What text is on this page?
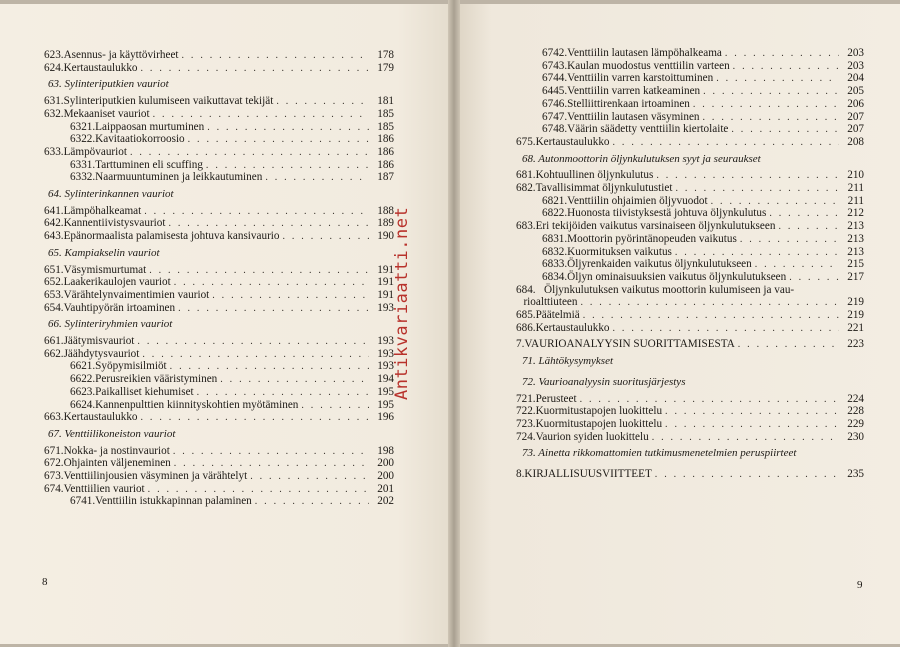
623. Asennus- ja käyttövirheet . . .	178
624. Kertaustaulukko . . .	179
63. Sylinteriputkien vauriot
631. Sylinteriputkien kulumiseen vaikuttavat tekijät . . .	181
632. Mekaaniset vauriot . . .	185
6321. Laippaosan murtuminen . . .	185
6322. Kavitaatiokorroosio . . .	186
633. Lämpövauriot . . .	186
6331. Tarttuminen eli scuffing . . .	186
6332. Naarmuuntuminen ja leikkautuminen . . .	187
64. Sylinterinkannen vauriot
641. Lämpöhalkeamat . . .	188
642. Kannentiivistysvauriot . . .	189
643. Epänormaalista palamisesta johtuva kansivaurio . . .	190
65. Kampiakselin vauriot
651. Väsymismurtumat . . .	191
652. Laakerikaulojen vauriot . . .	191
653. Värähtelynvaimentimien vauriot . . .	191
654. Vauhtipyörän irtoaminen . . .	193
66. Sylinteriryhmien vauriot
661. Jäätymisvauriot . . .	193
662. Jäähdytysvauriot . . .	193
6621. Syöpymisilmiöt . . .	193
6622. Perusreikien vääristyminen . . .	194
6623. Paikalliset kiehumiset . . .	195
6624. Kannenpulttien kiinnityskohtien myötäminen . . .	195
663. Kertaustaulukko . . .	196
67. Venttiilikoneiston vauriot
671. Nokka- ja nostinvauriot . . .	198
672. Ohjainten väljeneminen . . .	200
673. Venttiilinjousien väsyminen ja värähtelyt . . .	200
674. Venttiilien vauriot . . .	201
6741. Venttiilin istukkapinnan palaminen . . .	202
6742. Venttiilin lautasen lämpöhalkeama . . .	203
6743. Kaulan muodostus venttiilin varteen . . .	203
6744. Venttiilin varren karstoittuminen . . .	204
6445. Venttiilin varren katkeaminen . . .	205
6746. Stelliittirenkaan irtoaminen . . .	206
6747. Venttiilin lautasen väsyminen . . .	207
6748. Väärin säädetty venttiilin kiertolaite . . .	207
675. Kertaustaulukko . . .	208
68. Autonmoottorin öljynkulutuksen syyt ja seuraukset
681. Kohtuullinen öljynkulutus . . .	210
682. Tavallisimmat öljynkulutustiet . . .	211
6821. Venttiilin ohjaimien öljyvuodot . . .	211
6822. Huonosta tiivistyksestä johtuva öljynkulutus . . .	212
683. Eri tekijöiden vaikutus varsinaiseen öljynkulutukseen . . .	213
6831. Moottorin pyörintänopeuden vaikutus . . .	213
6832. Kuormituksen vaikutus . . .	213
6833. Öljyrenkaiden vaikutus öljynkulutukseen . . .	215
6834. Öljyn ominaisuuksien vaikutus öljynkulutukseen . . .	217
684. Öljynkulutuksen vaikutus moottorin kulumiseen ja vau-
rioalttiuteen . . .	219
685. Päätelmiä . . .	219
686. Kertaustaulukko . . .	221
7. VAURIOANALYYSIN SUORITTAMISESTA . . .	223
71. Lähtökysymykset
72. Vaurioanalyysin suoritusjärjestys
721. Perusteet . . .	224
722. Kuormitustapojen luokittelu . . .	228
723. Kuormitustapojen luokittelu . . .	229
724. Vaurion syiden luokittelu . . .	230
73. Ainetta rikkomattomien tutkimusmenetelmien peruspiirteet
8. KIRJALLISUUSVIITTEET . . .	235
8	9
Antikvariaatti.net
